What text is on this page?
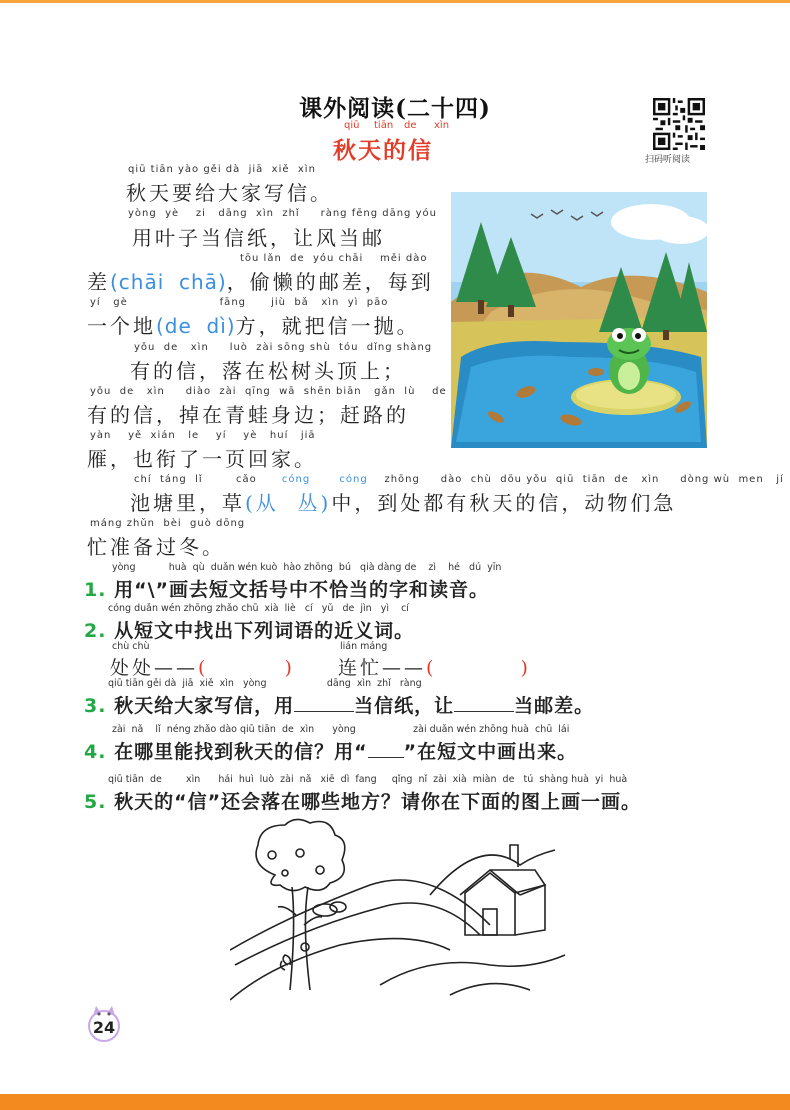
课外阅读(二十四)
qiū tiān de xìn
秋天的信	扫码听阅读
qiū tiān yào gěi dà  jiā  xiě  xìn
秋天要给大家写信。
yòng  yè    zi   dāng  xìn  zhǐ     ràng fēng dāng yóu
用叶子当信纸，让风当邮
tōu lǎn  de  yóu chāi    měi dào
差(chāi  chā)，偷懒的邮差，每到
yí   gè                      fāng      jiù  bǎ   xìn  yì  pāo
一个地(de  dì)方，就把信一抛。
yǒu  de   xìn     luò  zài sōng shù  tóu  dǐng shàng
有的信，落在松树头顶上；
yǒu  de   xìn     diào  zài  qīng  wā  shēn biān   gǎn  lù    de
有的信，掉在青蛙身边；赶路的
yàn    yě  xián   le    yí    yè   huí   jiā
雁，也衔了一页回家。
chí  táng  lǐ        cǎo	cóng       cóng zhōng     dào  chù  dōu yǒu  qiū  tiān  de   xìn     dòng wù  men   jí
池塘里，草(从  丛)中，到处都有秋天的信，动物们急
máng zhǔn  bèi  guò dōng
忙准备过冬。
yòng           huà  qù  duǎn wén kuò  hào zhōng  bú   qià dàng de    zì    hé   dú  yīn
1. 用“\”画去短文括号中不恰当的字和读音。
cóng duǎn wén zhōng zhǎo chū  xià  liè   cí   yǔ   de  jìn   yì    cí
2. 从短文中找出下列词语的近义词。
chù chù	lián máng
处处——(	) 连忙——(	)
qiū tiān gěi dà  jiā  xiě  xìn   yòng                    dāng  xìn  zhǐ   ràng
3. 秋天给大家写信，用	当信纸，让	当邮差。
zài  nǎ    lǐ  néng zhǎo dào qiū tiān  de  xìn      yòng                   zài duǎn wén zhōng huà  chū  lái
4. 在哪里能找到秋天的信？用“ ”在短文中画出来。
qiū tiān  de        xìn      hái  huì  luò  zài  nǎ   xiē  dì  fang     qǐng  nǐ  zài  xià  miàn  de   tú  shàng huà  yi  huà
5. 秋天的“信”还会落在哪些地方？请你在下面的图上画一画。
24
